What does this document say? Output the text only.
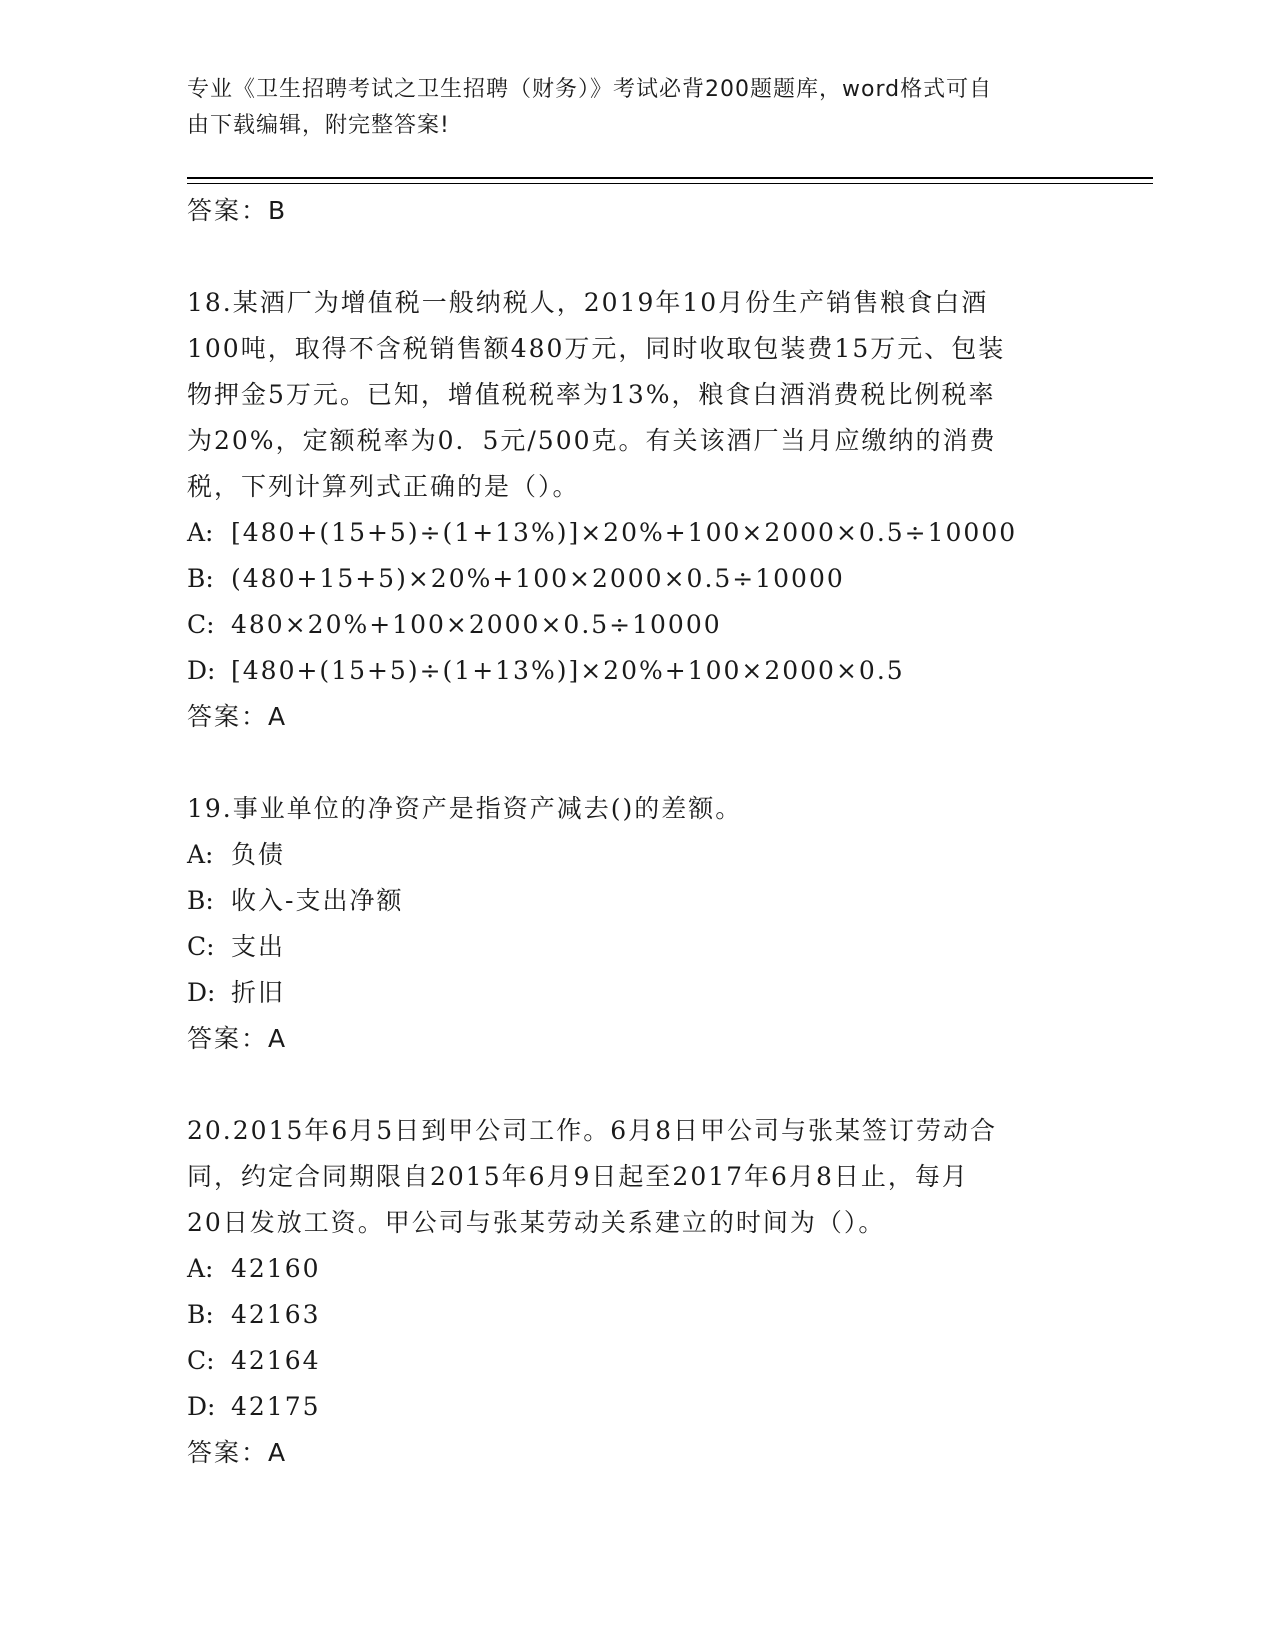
专业《卫生招聘考试之卫生招聘（财务）》考试必背200题题库，word格式可自
由下载编辑，附完整答案!
答案：B
18.某酒厂为增值税一般纳税人，2019年10月份生产销售粮食白酒
100吨，取得不含税销售额480万元，同时收取包装费15万元、包装
物押金5万元。已知，增值税税率为13%，粮食白酒消费税比例税率
为20%，定额税率为0．5元/500克。有关该酒厂当月应缴纳的消费
税，下列计算列式正确的是（）。
A: [480+(15+5)÷(1+13%)]×20%+100×2000×0.5÷10000
B: (480+15+5)×20%+100×2000×0.5÷10000
C: 480×20%+100×2000×0.5÷10000
D: [480+(15+5)÷(1+13%)]×20%+100×2000×0.5
答案：A
19.事业单位的净资产是指资产减去()的差额。
A: 负债
B: 收入-支出净额
C: 支出
D: 折旧
答案：A
20.2015年6月5日到甲公司工作。6月8日甲公司与张某签订劳动合
同，约定合同期限自2015年6月9日起至2017年6月8日止，每月
20日发放工资。甲公司与张某劳动关系建立的时间为（）。
A: 42160
B: 42163
C: 42164
D: 42175
答案：A
